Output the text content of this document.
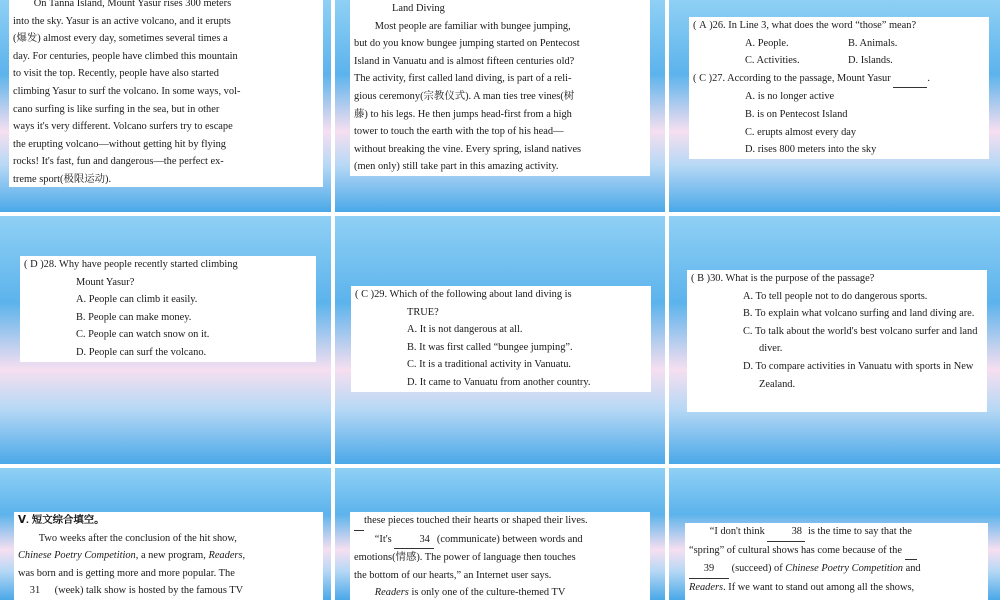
On Tanna Island, Mount Yasur rises 300 meters

into the sky. Yasur is an active volcano, and it erupts

(爆发) almost every day, sometimes several times a

day. For centuries, people have climbed this mountain

to visit the top. Recently, people have also started

climbing Yasur to surf the volcano. In some ways, vol-

cano surfing is like surfing in the sea, but in other

ways it's very different. Volcano surfers try to escape

the erupting volcano—without getting hit by flying

rocks! It's fast, fun and dangerous—the perfect ex-

treme sport(极限运动).

Land Diving

Most people are familiar with bungee jumping,

but do you know bungee jumping started on Pentecost

Island in Vanuatu and is almost fifteen centuries old?

The activity, first called land diving, is part of a reli-

gious ceremony(宗教仪式). A man ties tree vines(树

藤) to his legs. He then jumps head-first from a high

tower to touch the earth with the top of his head—

without breaking the vine. Every spring, island natives

(men only) still take part in this amazing activity.

( A )26. In Line 3, what does the word “those” mean?

A. People.	B. Animals.
C. Activities.	D. Islands.

( C )27. According to the passage, Mount Yasur	.

A. is no longer active
B. is on Pentecost Island
C. erupts almost every day
D. rises 800 meters into the sky

( D )28. Why have people recently started climbing

Mount Yasur?
A. People can climb it easily.
B. People can make money.
C. People can watch snow on it.
D. People can surf the volcano.

( C )29. Which of the following about land diving is

TRUE?
A. It is not dangerous at all.
B. It was first called “bungee jumping”.
C. It is a traditional activity in Vanuatu.
D. It came to Vanuatu from another country.

( B )30. What is the purpose of the passage?

A. To tell people not to do dangerous sports.
B. To explain what volcano surfing and land diving are.
C. To talk about the world's best volcano surfer and land diver.
D. To compare activities in Vanuatu with sports in New Zealand.

Ⅴ. 短文综合填空。

Two weeks after the conclusion of the hit show,

Chinese Poetry Competition, a new program, Readers,

was born and is getting more and more popular. The

31 (week) talk show is hosted by the famous TV

these pieces touched their hearts or shaped their lives.

“It's	34 (communicate) between words and

emotions(情感). The power of language then touches

the bottom of our hearts,” an Internet user says.

Readers is only one of the culture-themed TV

“I don't think	38 is the time to say that the

“spring” of cultural shows has come because of the

39 (succeed) of Chinese Poetry Competition and

Readers. If we want to stand out among all the shows,
